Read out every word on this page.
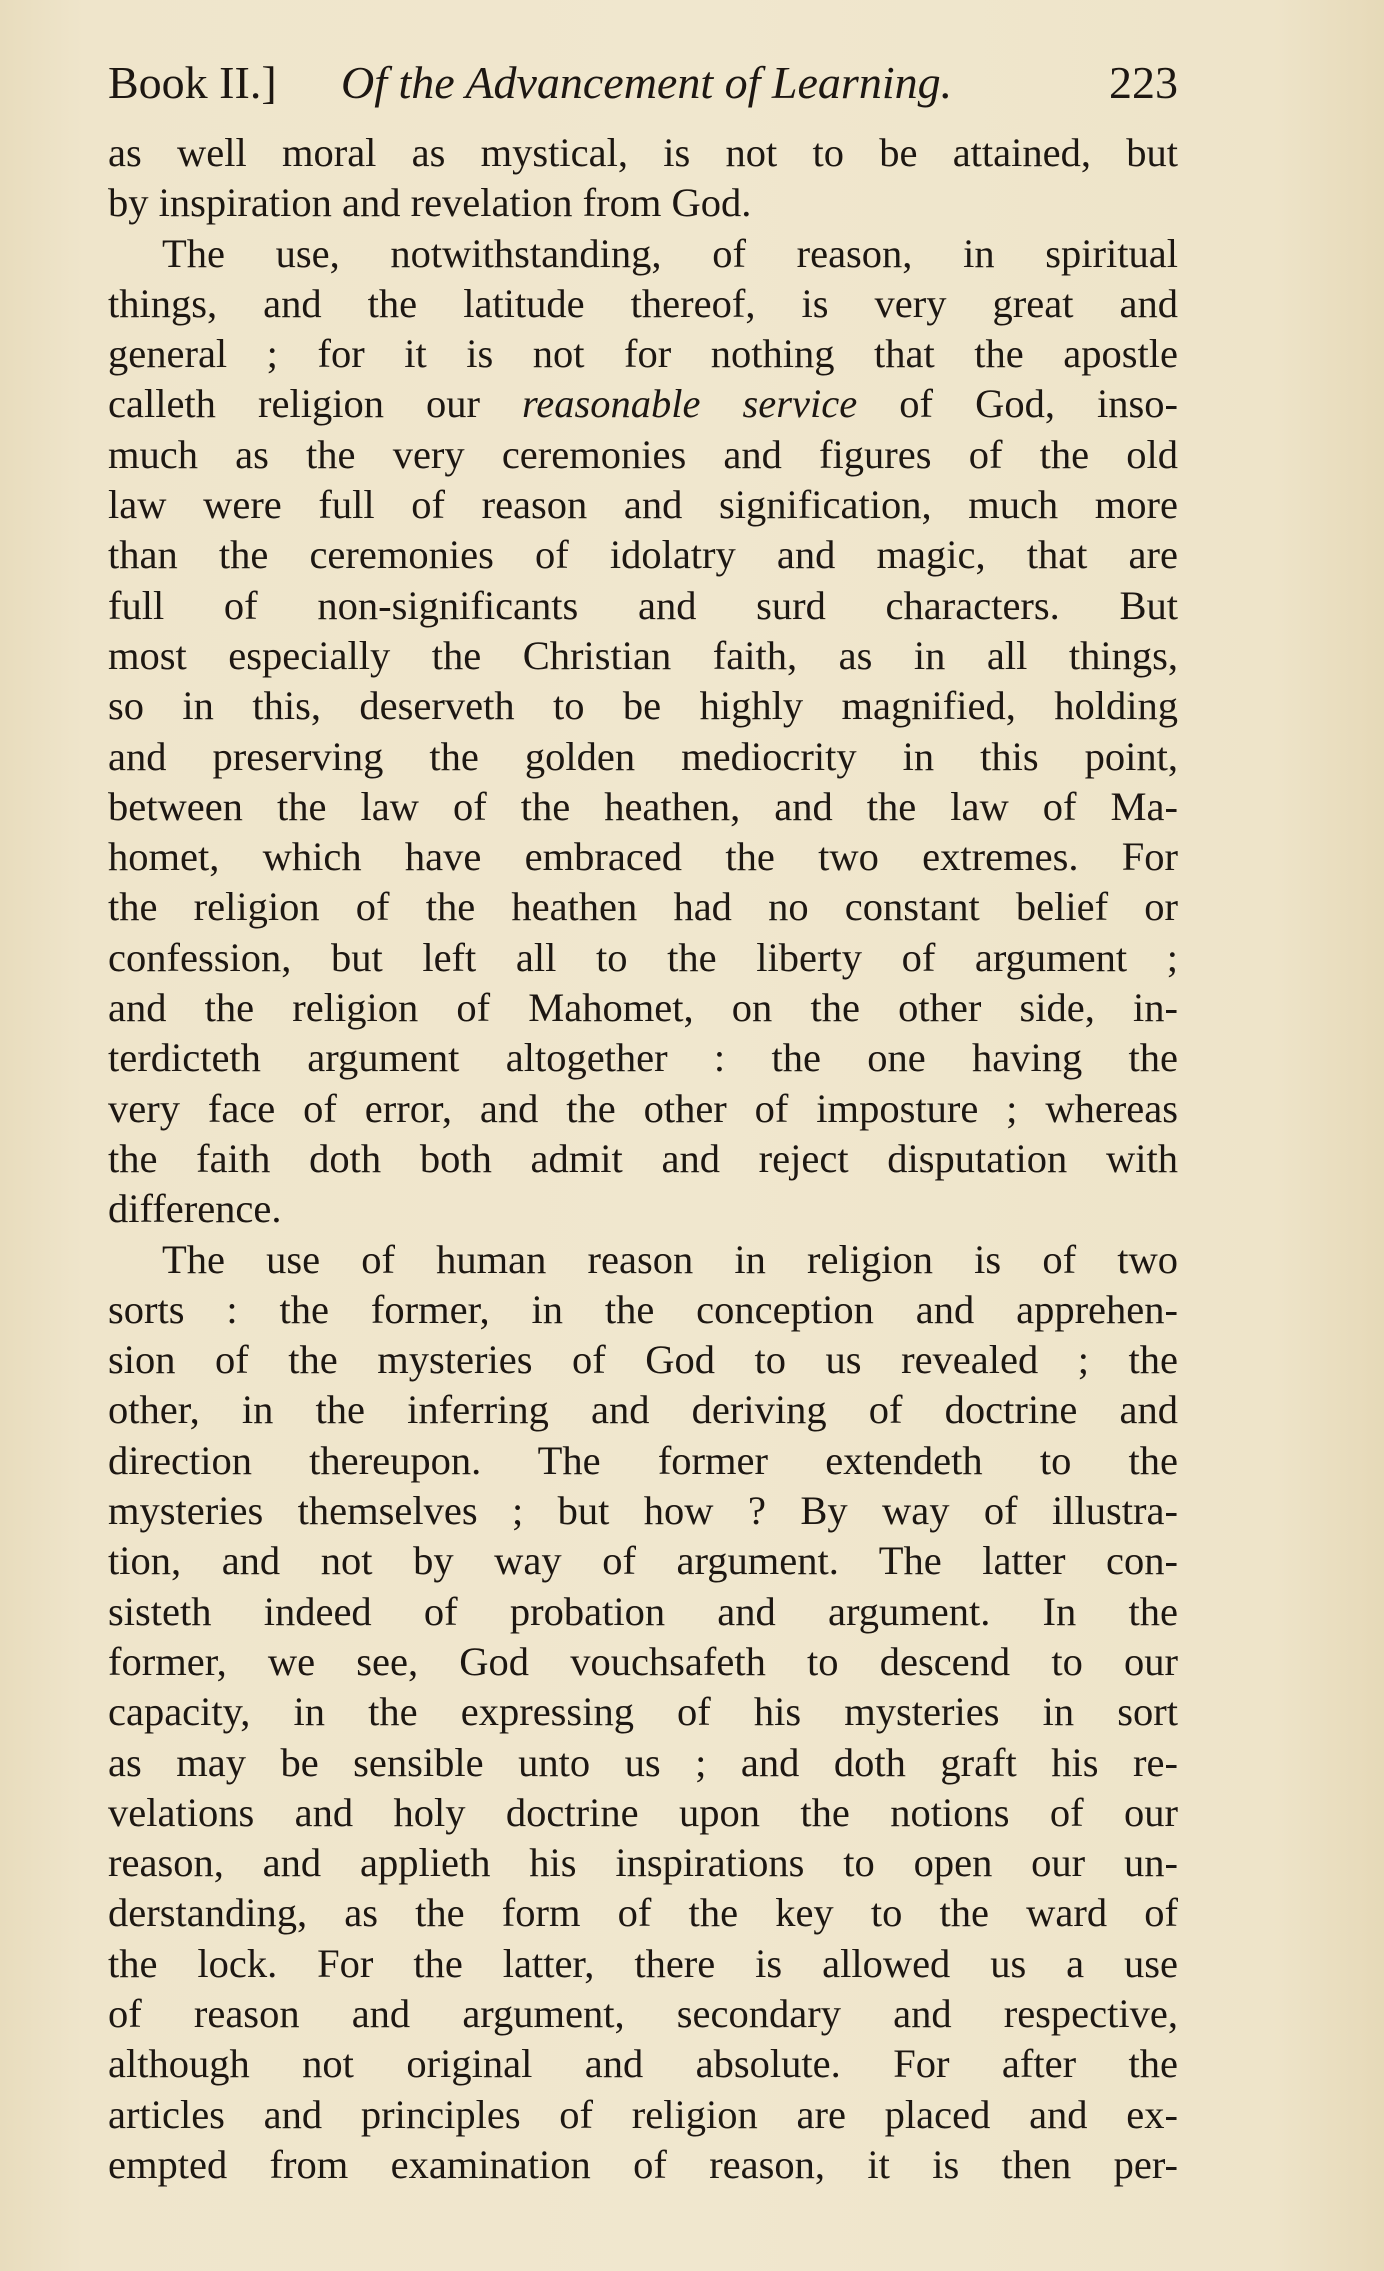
Book II.] Of the Advancement of Learning.	223
as well moral as mystical, is not to be attained, but
by inspiration and revelation from God.
The use, notwithstanding, of reason, in spiritual
things, and the latitude thereof, is very great and
general ; for it is not for nothing that the apostle
calleth religion our reasonable service of God, inso-
much as the very ceremonies and figures of the old
law were full of reason and signification, much more
than the ceremonies of idolatry and magic, that are
full of non-significants and surd characters. But
most especially the Christian faith, as in all things,
so in this, deserveth to be highly magnified, holding
and preserving the golden mediocrity in this point,
between the law of the heathen, and the law of Ma-
homet, which have embraced the two extremes. For
the religion of the heathen had no constant belief or
confession, but left all to the liberty of argument ;
and the religion of Mahomet, on the other side, in-
terdicteth argument altogether : the one having the
very face of error, and the other of imposture ; whereas
the faith doth both admit and reject disputation with
difference.
The use of human reason in religion is of two
sorts : the former, in the conception and apprehen-
sion of the mysteries of God to us revealed ; the
other, in the inferring and deriving of doctrine and
direction thereupon. The former extendeth to the
mysteries themselves ; but how ? By way of illustra-
tion, and not by way of argument. The latter con-
sisteth indeed of probation and argument. In the
former, we see, God vouchsafeth to descend to our
capacity, in the expressing of his mysteries in sort
as may be sensible unto us ; and doth graft his re-
velations and holy doctrine upon the notions of our
reason, and applieth his inspirations to open our un-
derstanding, as the form of the key to the ward of
the lock. For the latter, there is allowed us a use
of reason and argument, secondary and respective,
although not original and absolute. For after the
articles and principles of religion are placed and ex-
empted from examination of reason, it is then per-
